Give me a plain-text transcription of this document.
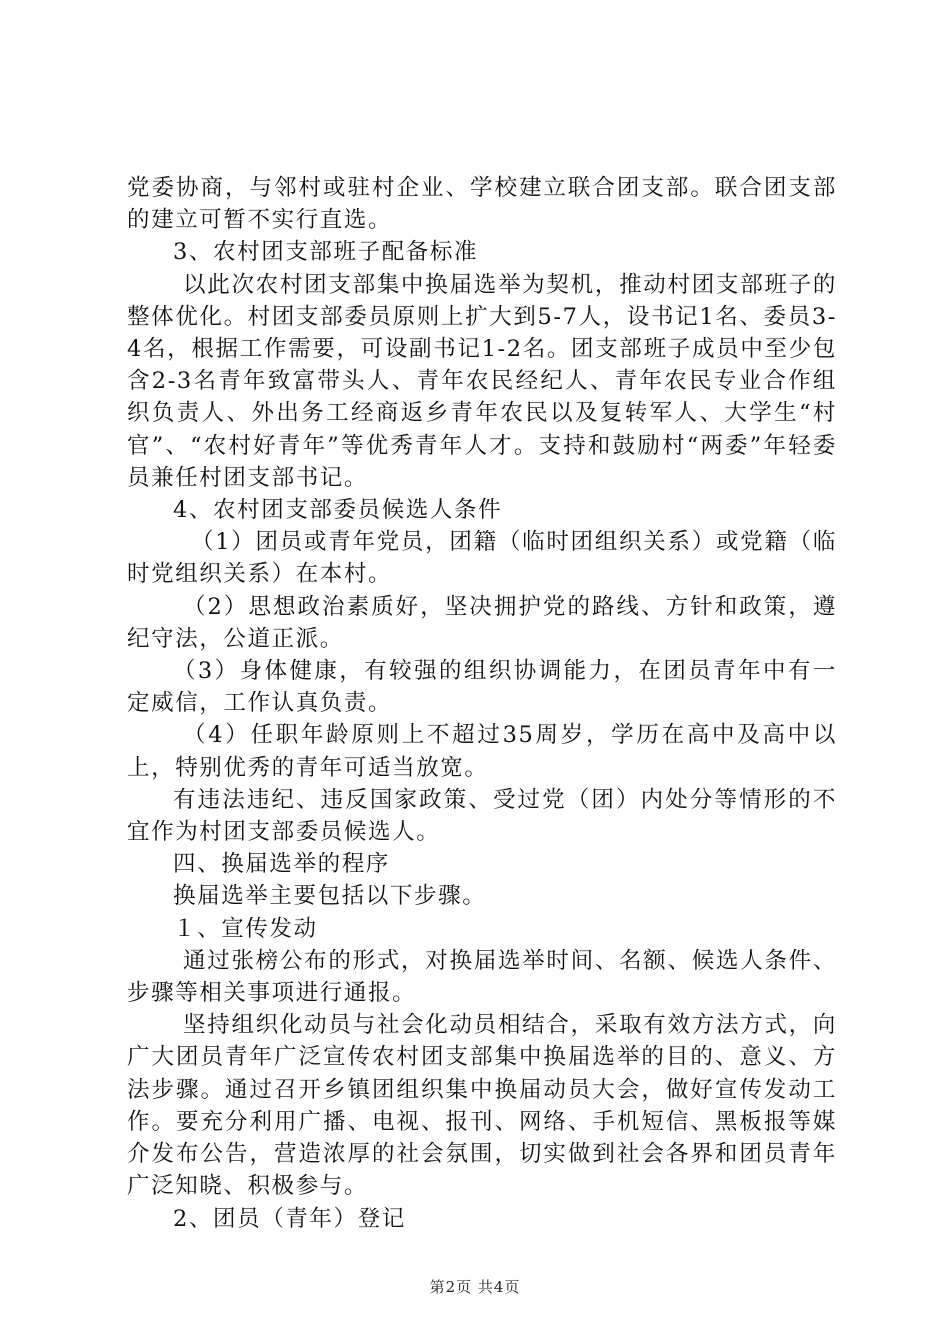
党委协商，与邻村或驻村企业、学校建立联合团支部。联合团支部的建立可暂不实行直选。

3、农村团支部班子配备标准

以此次农村团支部集中换届选举为契机，推动村团支部班子的整体优化。村团支部委员原则上扩大到5-7人，设书记1名、委员3-4名，根据工作需要，可设副书记1-2名。团支部班子成员中至少包含2-3名青年致富带头人、青年农民经纪人、青年农民专业合作组织负责人、外出务工经商返乡青年农民以及复转军人、大学生“村官”、“农村好青年”等优秀青年人才。支持和鼓励村“两委”年轻委员兼任村团支部书记。

4、农村团支部委员候选人条件

（1）团员或青年党员，团籍（临时团组织关系）或党籍（临时党组织关系）在本村。

（2）思想政治素质好，坚决拥护党的路线、方针和政策，遵纪守法，公道正派。

（3）身体健康，有较强的组织协调能力，在团员青年中有一定威信，工作认真负责。

（4）任职年龄原则上不超过35周岁，学历在高中及高中以上，特别优秀的青年可适当放宽。

有违法违纪、违反国家政策、受过党（团）内处分等情形的不宜作为村团支部委员候选人。

四、换届选举的程序

换届选举主要包括以下步骤。

１、宣传发动

通过张榜公布的形式，对换届选举时间、名额、候选人条件、步骤等相关事项进行通报。

坚持组织化动员与社会化动员相结合，采取有效方法方式，向广大团员青年广泛宣传农村团支部集中换届选举的目的、意义、方法步骤。通过召开乡镇团组织集中换届动员大会，做好宣传发动工作。要充分利用广播、电视、报刊、网络、手机短信、黑板报等媒介发布公告，营造浓厚的社会氛围，切实做到社会各界和团员青年广泛知晓、积极参与。

2、团员（青年）登记

第2页 共4页
